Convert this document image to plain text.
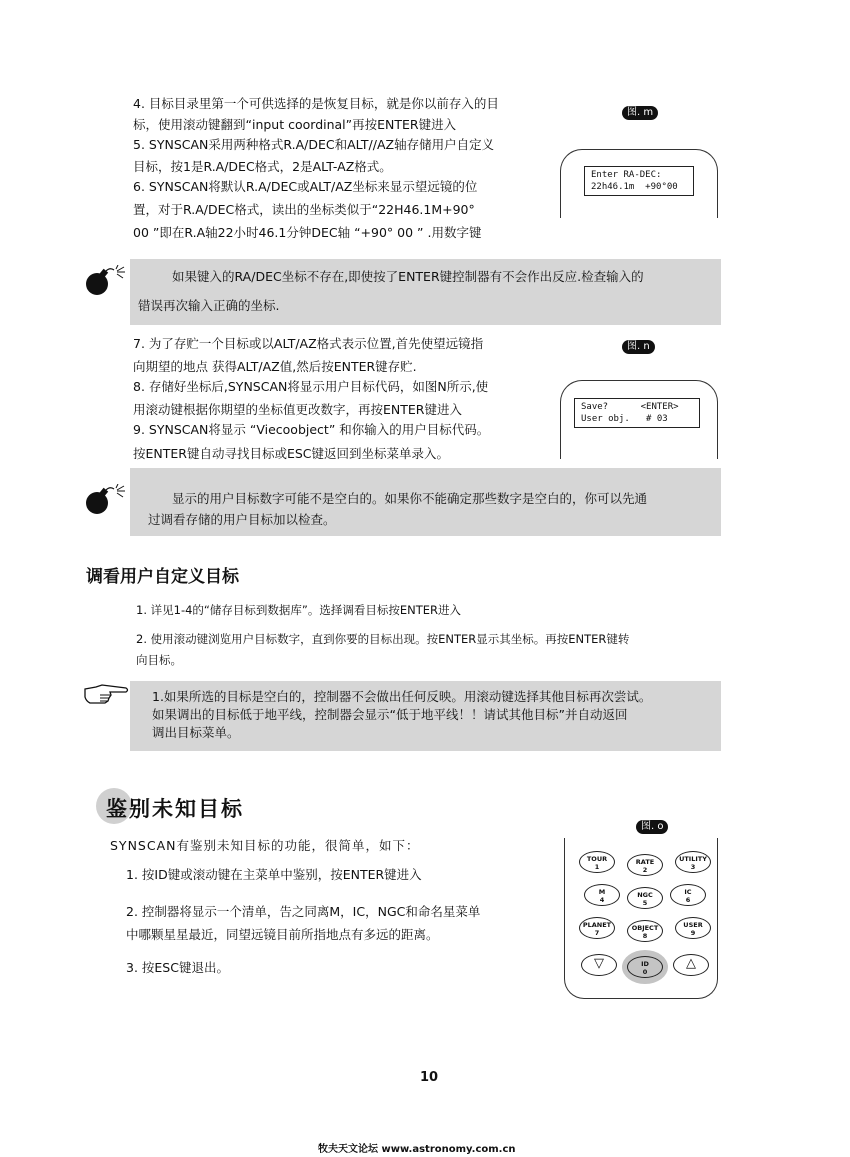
4. 目标目录里第一个可供选择的是恢复目标，就是你以前存入的目
标，使用滚动键翻到“input coordinal”再按ENTER键进入
5. SYNSCAN采用两种格式R.A/DEC和ALT//AZ轴存储用户自定义
目标，按1是R.A/DEC格式，2是ALT-AZ格式。
6. SYNSCAN将默认R.A/DEC或ALT/AZ坐标来显示望远镜的位
置，对于R.A/DEC格式，读出的坐标类似于“22H46.1M+90°
00 ”即在R.A轴22小时46.1分钟DEC轴 “+90° 00 ” .用数字键
图. m
Enter RA-DEC:
22h46.1m  +90°00
如果键入的RA/DEC坐标不存在,即使按了ENTER键控制器有不会作出反应.检查输入的
错误再次输入正确的坐标.
7. 为了存贮一个目标或以ALT/AZ格式表示位置,首先使望远镜指
向期望的地点 获得ALT/AZ值,然后按ENTER键存贮.
8. 存储好坐标后,SYNSCAN将显示用户目标代码，如图N所示,使
用滚动键根据你期望的坐标值更改数字，再按ENTER键进入
9. SYNSCAN将显示 “Viecoobject” 和你输入的用户目标代码。
按ENTER键自动寻找目标或ESC键返回到坐标菜单录入。
图. n
Save?      <ENTER>
User obj.   # 03
显示的用户目标数字可能不是空白的。如果你不能确定那些数字是空白的，你可以先通
过调看存储的用户目标加以检查。
调看用户自定义目标
1. 详见1-4的“储存目标到数据库”。选择调看目标按ENTER进入
2. 使用滚动键浏览用户目标数字，直到你要的目标出现。按ENTER显示其坐标。再按ENTER键转
向目标。
1.如果所选的目标是空白的，控制器不会做出任何反映。用滚动键选择其他目标再次尝试。
如果调出的目标低于地平线，控制器会显示“低于地平线！！请试其他目标”并自动返回
调出目标菜单。
鉴别未知目标
SYNSCAN有鉴别未知目标的功能，很简单，如下：
1. 按ID键或滚动键在主菜单中鉴别，按ENTER键进入
2. 控制器将显示一个清单，告之同离M，IC，NGC和命名星菜单
中哪颗星星最近，同望远镜目前所指地点有多远的距离。
3. 按ESC键退出。
图. o
TOUR
1
RATE
2
UTILITY
3
M
4
NGC
5
IC
6
PLANET
7
OBJECT
8
USER
9
▽	ID
0
△
10
牧夫天文论坛 www.astronomy.com.cn
